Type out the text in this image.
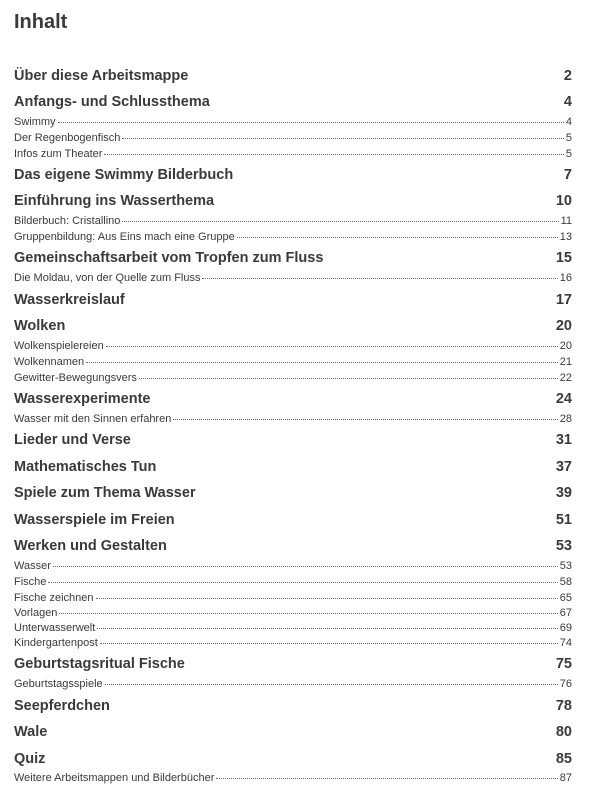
Inhalt
Über diese Arbeitsmappe	2
Anfangs- und Schlussthema	4
Swimmy	4
Der Regenbogenfisch	5
Infos zum Theater	5
Das eigene Swimmy Bilderbuch	7
Einführung ins Wasserthema	10
Bilderbuch: Cristallino	11
Gruppenbildung: Aus Eins mach eine Gruppe	13
Gemeinschaftsarbeit vom Tropfen zum Fluss	15
Die Moldau, von der Quelle zum Fluss	16
Wasserkreislauf	17
Wolken	20
Wolkenspielereien	20
Wolkennamen	21
Gewitter-Bewegungsvers	22
Wasserexperimente	24
Wasser mit den Sinnen erfahren	28
Lieder und Verse	31
Mathematisches Tun	37
Spiele zum Thema Wasser	39
Wasserspiele im Freien	51
Werken und Gestalten	53
Wasser	53
Fische	58
Fische zeichnen	65
Vorlagen	67
Unterwasserwelt	69
Kindergartenpost	74
Geburtstagsritual Fische	75
Geburtstagsspiele	76
Seepferdchen	78
Wale	80
Quiz	85
Weitere Arbeitsmappen und Bilderbücher	87
